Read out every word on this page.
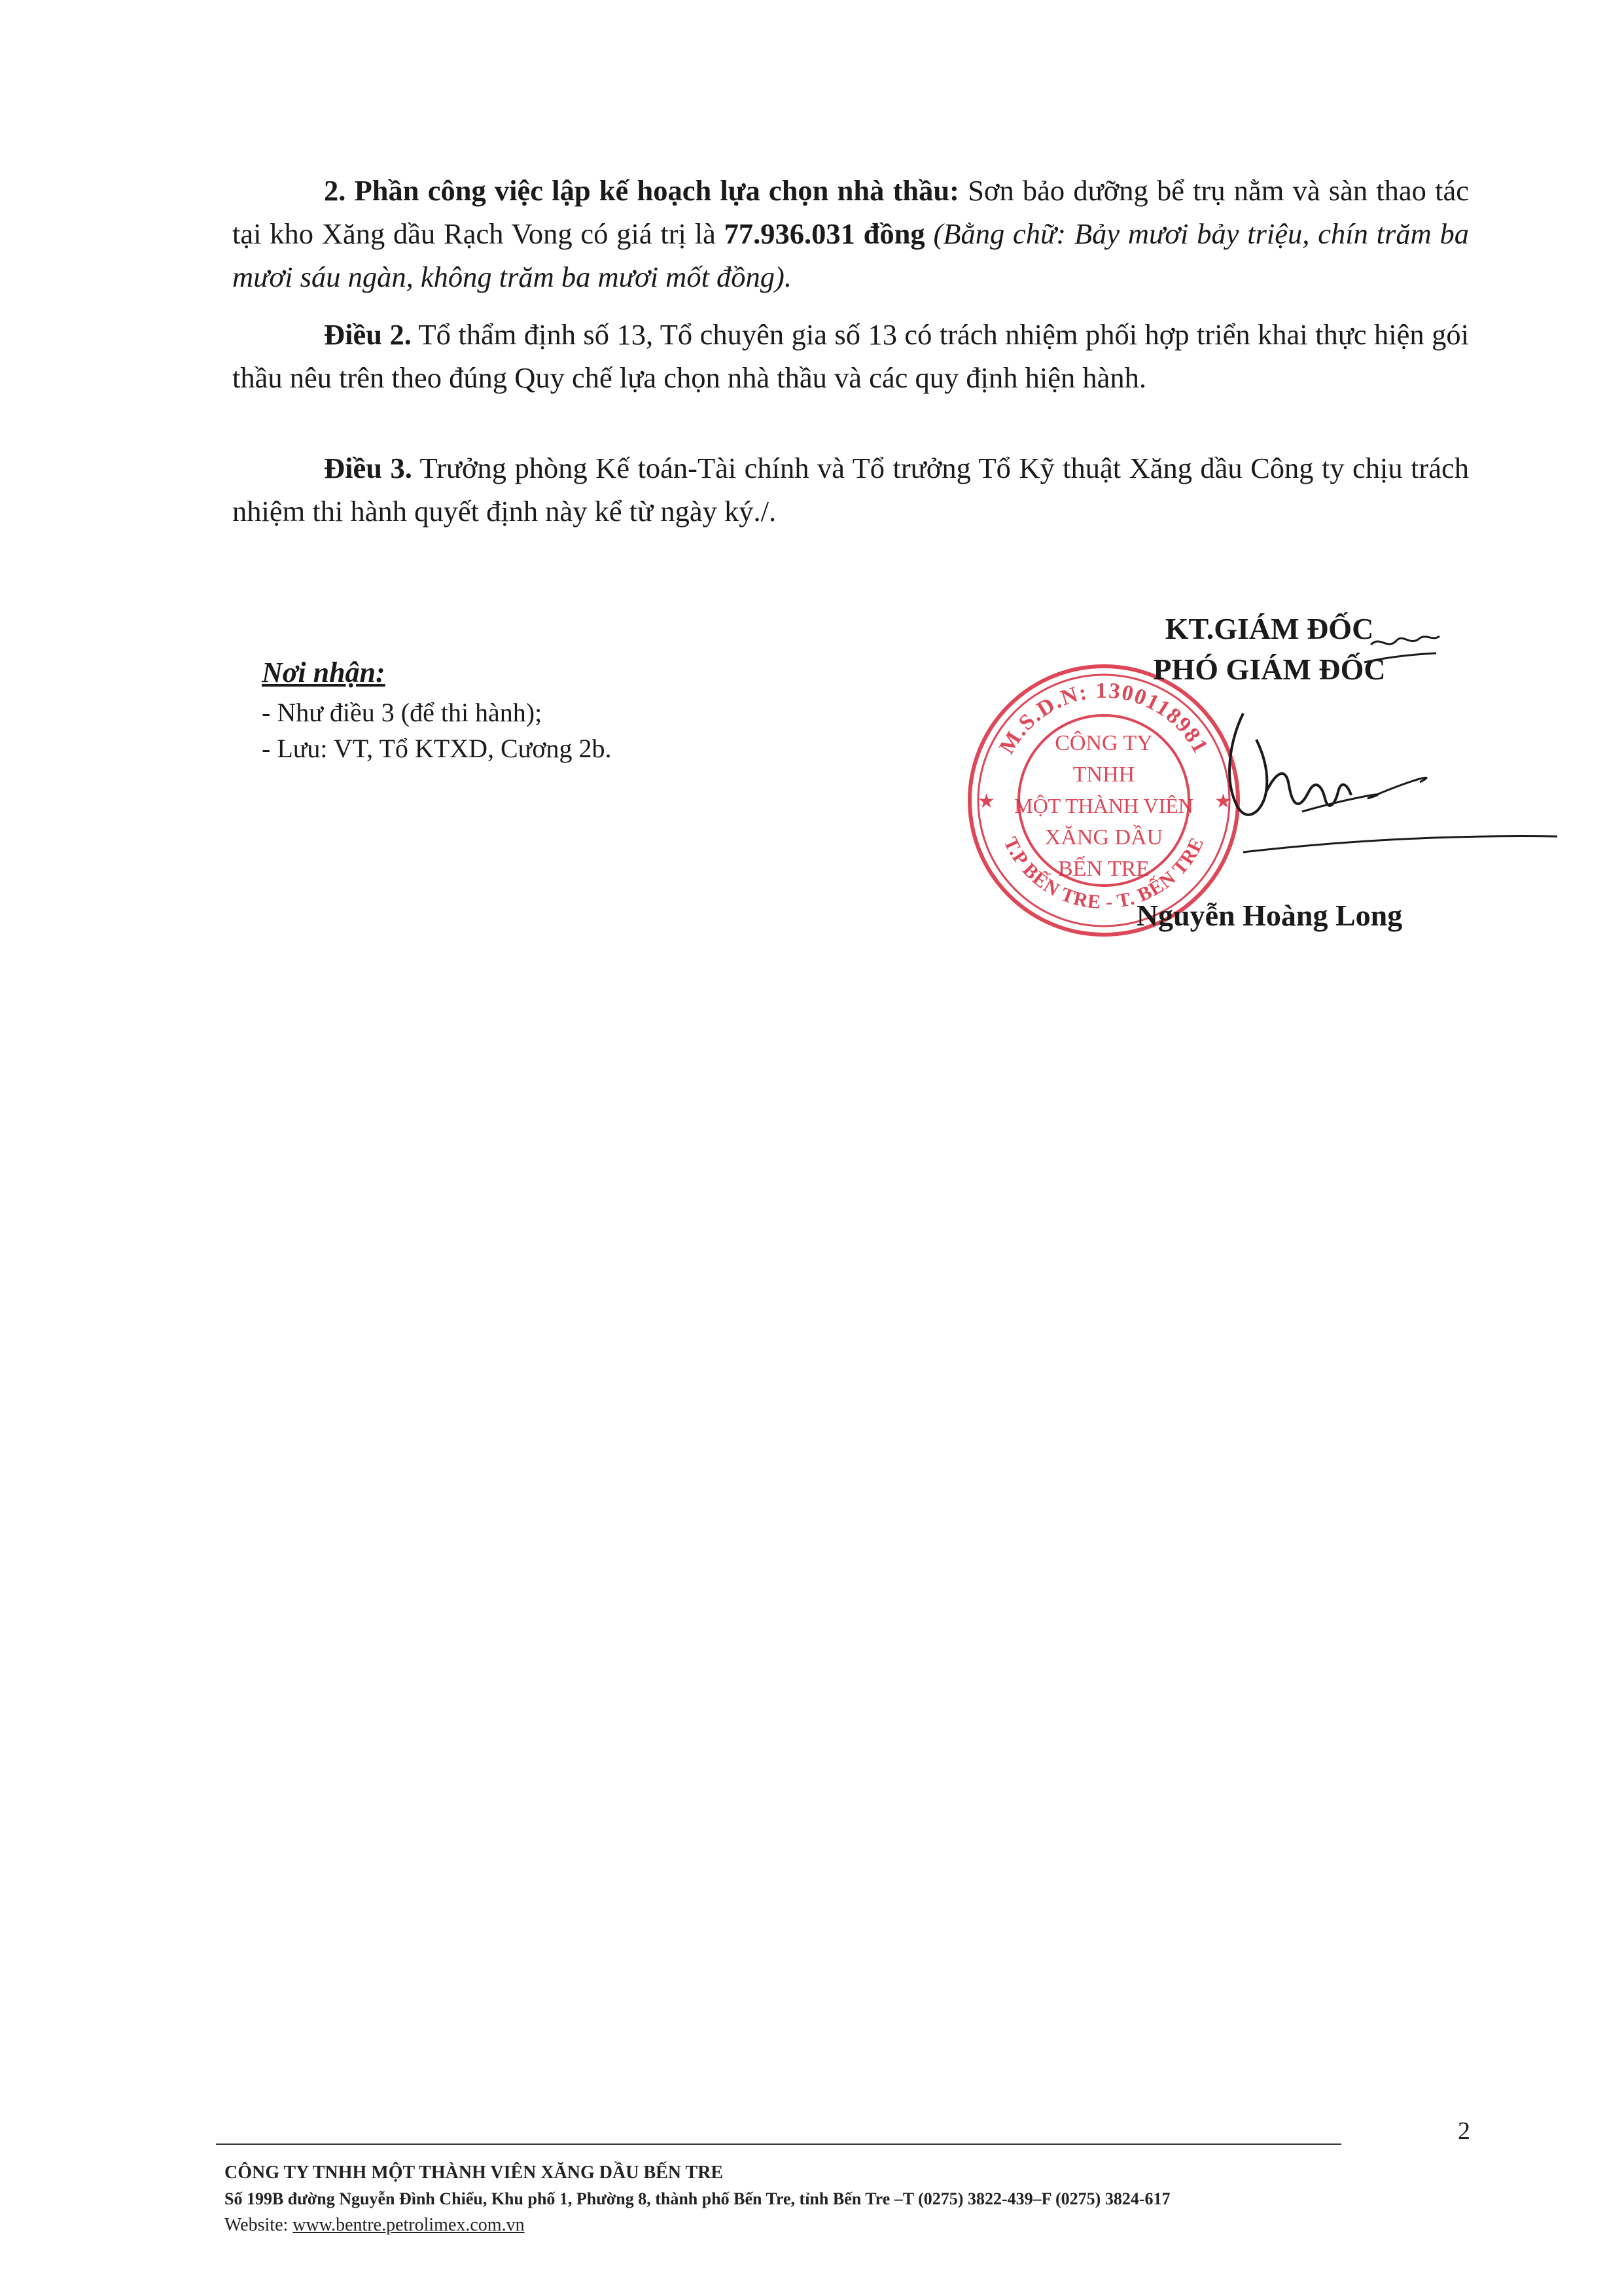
2. Phần công việc lập kế hoạch lựa chọn nhà thầu: Sơn bảo dưỡng bể trụ nằm và sàn thao tác tại kho Xăng dầu Rạch Vong có giá trị là 77.936.031 đồng (Bằng chữ: Bảy mươi bảy triệu, chín trăm ba mươi sáu ngàn, không trăm ba mươi mốt đồng).

Điều 2. Tổ thẩm định số 13, Tổ chuyên gia số 13 có trách nhiệm phối hợp triển khai thực hiện gói thầu nêu trên theo đúng Quy chế lựa chọn nhà thầu và các quy định hiện hành.

Điều 3. Trưởng phòng Kế toán-Tài chính và Tổ trưởng Tổ Kỹ thuật Xăng dầu Công ty chịu trách nhiệm thi hành quyết định này kể từ ngày ký./.

Nơi nhận:
- Như điều 3 (để thi hành);
- Lưu: VT, Tổ KTXD, Cương 2b.	M.S.D.N: 1300118981
T.P BẾN TRE - T. BẾN TRE
★	★
CÔNG TY
TNHH
MỘT THÀNH VIÊN
XĂNG DẦU
BẾN TRE
KT.GIÁM ĐỐC
PHÓ GIÁM ĐỐC
Nguyễn Hoàng Long
2
CÔNG TY TNHH MỘT THÀNH VIÊN XĂNG DẦU BẾN TRE
Số 199B đường Nguyễn Đình Chiểu, Khu phố 1, Phường 8, thành phố Bến Tre, tỉnh Bến Tre –T (0275) 3822-439–F (0275) 3824-617
Website: www.bentre.petrolimex.com.vn
